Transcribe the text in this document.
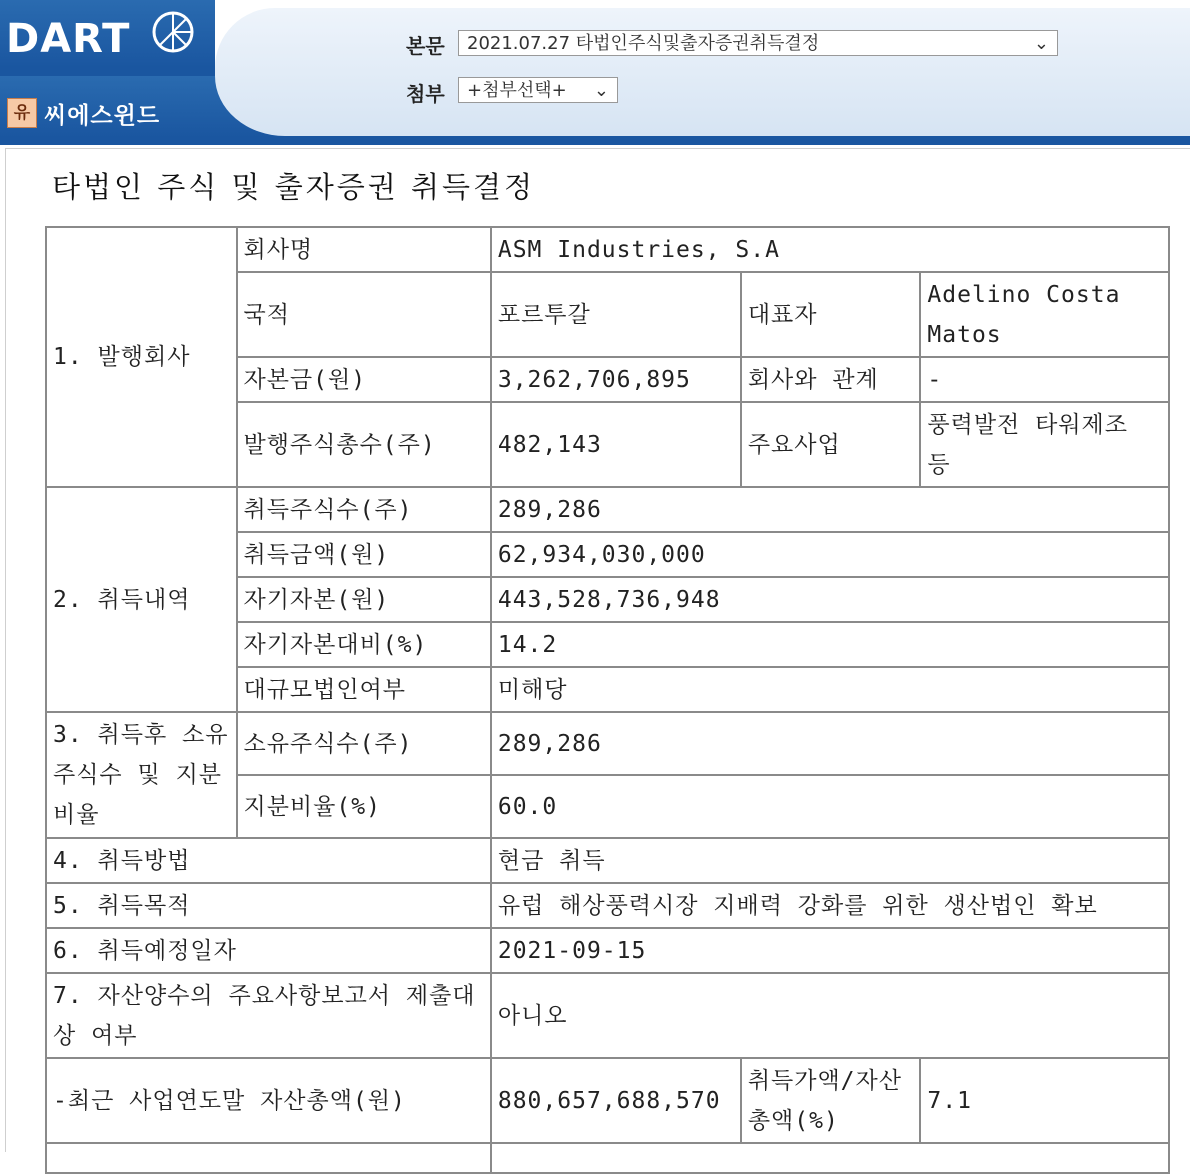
DART
유 씨에스윈드
본문	2021.07.27 타법인주식및출자증권취득결정	⌄
첨부	+첨부선택+ ⌄
타법인 주식 및 출자증권 취득결정
1. 발행회사	회사명	ASM Industries, S.A		
	국적	포르투갈	대표자	Adelino Costa Matos
	자본금(원)	3,262,706,895	회사와 관계	-
	발행주식총수(주)	482,143	주요사업	풍력발전 타워제조 등
2. 취득내역	취득주식수(주)	289,286		
	취득금액(원)	62,934,030,000		
	자기자본(원)	443,528,736,948		
	자기자본대비(%)	14.2		
	대규모법인여부	미해당		
3. 취득후 소유주식수 및 지분비율	소유주식수(주)	289,286		
	지분비율(%)	60.0		
4. 취득방법		현금 취득		
5. 취득목적		유럽 해상풍력시장 지배력 강화를 위한 생산법인 확보		
6. 취득예정일자		2021-09-15		
7. 자산양수의 주요사항보고서 제출대상 여부		아니오		
-최근 사업연도말 자산총액(원)		880,657,688,570	취득가액/자산총액(%)	7.1
